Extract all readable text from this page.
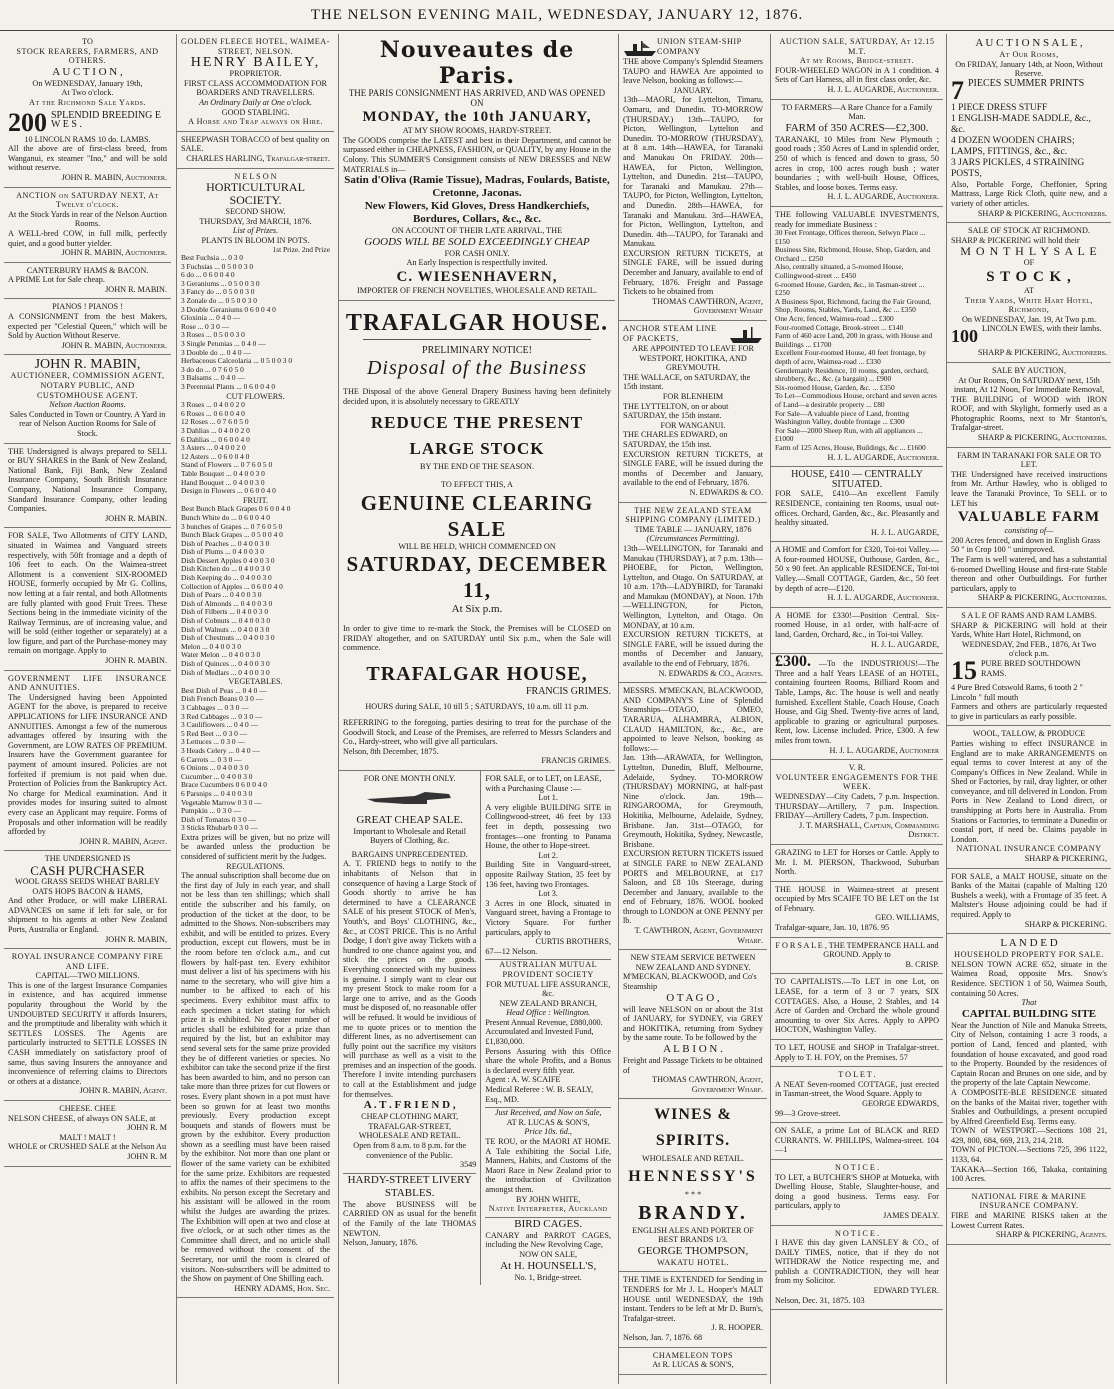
THE NELSON EVENING MAIL, WEDNESDAY, JANUARY 12, 1876.
TO
STOCK REARERS, FARMERS, AND OTHERS.
A U C T I O N ,
On WEDNESDAY, January 19th,
At Two o'clock.
At the Richmond Sale Yards.
200 SPLENDID BREEDING E W E S .
10 LINCOLN RAMS 10 do. LAMBS.
All the above are of first-class breed, from Wanganui, ex steamer "Ino," and will be sold without reserve.
JOHN R. MABIN, Auctioneer.
ANCTION on SATURDAY NEXT, At Twelve o'clock.
At the Stock Yards in rear of the Nelson Auction Rooms.
A WELL-bred COW, in full milk, perfectly quiet, and a good butter yielder.
JOHN R. MABIN, Auctioneer.
CANTERBURY HAMS & BACON.
A PRIME Lot for Sale cheap.
JOHN R. MABIN.
PIANOS ! PIANOS !
A CONSIGNMENT from the best Makers, expected per "Celestial Queen," which will be Sold by Auction Without Reserve.
JOHN R. MABIN, Auctioneer.
JOHN R. MABIN,
AUCTIONEER, COMMISSION AGENT, NOTARY PUBLIC, AND CUSTOMHOUSE AGENT.
Nelson Auction Rooms.
Sales Conducted in Town or Country. A Yard in rear of Nelson Auction Rooms for Sale of Stock.
THE Undersigned is always prepared to SELL or BUY SHARES in the Bank of New Zealand, National Bank, Fiji Bank, New Zealand Insurance Company, South British Insurance Company, National Insurance Company, Standard Insurance Company, other leading Companies.
JOHN R. MABIN.
FOR SALE, Two Allotments of CITY LAND, situated in Waimea and Vanguard streets respectively, with 50ft frontage and a depth of 106 feet to each. On the Waimea-street Allotment is a convenient SIX-ROOMED HOUSE, formerly occupied by Mr G. Collins, now letting at a fair rental, and both Allotments are fully planted with good Fruit Trees. These Sections being in the immediate vicinity of the Railway Terminus, are of increasing value, and will be sold (either together or separately) at a low figure, and part of the Purchase-money may remain on mortgage. Apply to
JOHN R. MABIN.
GOVERNMENT LIFE INSURANCE AND ANNUITIES.
The Undersigned having been Appointed AGENT for the above, is prepared to receive APPLICATIONS for LIFE INSURANCE AND ANNUITIES. Amongst a few of the numerous advantages offered by insuring with the Government, are LOW RATES OF PREMIUM. Insurers have the Government guarantee for payment of amount insured. Policies are not forfeited if premium is not paid when due. Protection of Policies from the Bankruptcy Act. No charge for Medical examination. And it provides modes for insuring suited to almost every case an Applicant may require. Forms of Proposals and other information will be readily afforded by
JOHN R. MABIN, Agent.
THE UNDERSIGNED IS
CASH PURCHASER
WOOL GRASS SEEDS WHEAT BARLEY OATS HOPS BACON & HAMS,
And other Produce, or will make LIBERAL ADVANCES on same if left for sale, or for shipment to his agents at other New Zealand Ports, Australia or England.
JOHN R. MABIN,
ROYAL INSURANCE COMPANY FIRE AND LIFE.
CAPITAL—TWO MILLIONS.
This is one of the largest Insurance Companies in existence, and has acquired immense popularity throughout the World by the UNDOUBTED SECURITY it affords Insurers, and the promptitude and liberality with which it SETTLES LOSSES. The Agents are particularly instructed to SETTLE LOSSES IN CASH immediately on satisfactory proof of same, thus saving Insurers the annoyance and inconvenience of referring claims to Directors or others at a distance.
JOHN R. MABIN, Agent.
CHEESE. CHEE
NELSON CHEESE, of always ON SALE, at
JOHN R. M
MALT ! MALT !
WHOLE or CRUSHED SALE at the Nelson Au
JOHN R. M
GOLDEN FLEECE HOTEL, WAIMEA-STREET, NELSON.
HENRY BAILEY,
PROPRIETOR.
FIRST CLASS ACCOMMODATION FOR BOARDERS AND TRAVELLERS.
An Ordinary Daily at One o'clock.
GOOD STABLING.
A Horse and Trap always on Hire.
SHEEPWASH TOBACCO of best quality on SALE.
CHARLES HARLING, Trafalgar-street.
N E L S O N
HORTICULTURAL SOCIETY.
SECOND SHOW.
THURSDAY, 3rd MARCH, 1876.
List of Prizes.
PLANTS IN BLOOM IN POTS.
1st Prize. 2nd Prize
Best Fuchsia ... 0 3 0
3 Fuchsias ... 0 5 0 0 3 0
6 do ... 0 6 0 0 4 0
3 Geraniums ... 0 5 0 0 3 0
3 Fancy do ... 0 5 0 0 3 0
3 Zonale do ... 0 5 0 0 3 0
3 Double Geraniums 0 6 0 0 4 0
Gloxinia ... 0 4 0 —
Rose ... 0 3 0 —
3 Roses ... 0 5 0 0 3 0
3 Single Petunias ... 0 4 0 —
3 Double do ... 0 4 0 —
Herbaceous Calceolaria ... 0 5 0 0 3 0
3 do do ... 0 7 6 0 5 0
3 Balsams ... 0 4 0 —
3 Perennial Plants ... 0 6 0 0 4 0
CUT FLOWERS.
3 Roses ... 0 4 0 0 2 0
6 Roses ... 0 6 0 0 4 0
12 Roses ... 0 7 6 0 5 0
3 Dahlias ... 0 4 0 0 2 0
6 Dahlias ... 0 6 0 0 4 0
3 Asters ... 0 4 0 0 2 0
12 Asters ... 0 6 0 0 4 0
Stand of Flowers ... 0 7 6 0 5 0
Table Bouquet ... 0 4 0 0 3 0
Hand Bouquet ... 0 4 0 0 3 0
Design in Flowers ... 0 6 0 0 4 0
FRUIT.
Best Bunch Black Grapes 0 6 0 0 4 0
Bunch White do ... 0 6 0 0 4 0
3 bunches of Grapes ... 0 7 6 0 5 0
Bunch Black Grapes ... 0 5 0 0 4 0
Dish of Peaches ... 0 4 0 0 3 0
Dish of Plums ... 0 4 0 0 3 0
Dish Dessert Apples 0 4 0 0 3 0
Dish Kitchen do ... 0 4 0 0 3 0
Dish Keeping do ... 0 4 0 0 3 0
Collection of Apples ... 0 6 0 0 4 0
Dish of Pears ... 0 4 0 0 3 0
Dish of Almonds ... 0 4 0 0 3 0
Dish of Filberts ... 0 4 0 0 3 0
Dish of Cobnuts ... 0 4 0 0 3 0
Dish of Walnuts ... 0 4 0 0 3 0
Dish of Chestnuts ... 0 4 0 0 3 0
Melon ... 0 4 0 0 3 0
Water Melon ... 0 4 0 0 3 0
Dish of Quinces ... 0 4 0 0 3 0
Dish of Medlars ... 0 4 0 0 3 0
VEGETABLES.
Best Dish of Peas ... 0 4 0 —
Dish French Beans 0 3 0 —
3 Cabbages ... 0 3 0 —
3 Red Cabbages ... 0 3 0 —
3 Cauliflowers ... 0 4 0 —
5 Red Beet ... 0 3 0 —
3 Lettuces ... 0 3 0 —
3 Heads Celery ... 0 4 0 —
6 Carrots ... 0 3 0 —
6 Onions ... 0 4 0 0 3 0
Cucumber ... 0 4 0 0 3 0
Brace Cucumbers 0 6 0 0 4 0
6 Parsnips ... 0 4 0 0 3 0
Vegetable Marrow 0 3 0 —
Pumpkin ... 0 3 0 —
Dish of Tomatos 0 3 0 —
3 Sticks Rhubarb 0 3 0 —
Extra prizes will be given, but no prize will be awarded unless the production be considered of sufficient merit by the Judges.
REGULATIONS.
The annual subscription shall become due on the first day of July in each year, and shall not be less than ten shillings; which shall entitle the subscriber and his family, on production of the ticket at the door, to be admitted to the Shows. Non-subscribers may exhibit, and will be entitled to prizes. Every production, except cut flowers, must be in the room before ten o'clock a.m., and cut flowers by half-past ten. Every exhibitor must deliver a list of his specimens with his name to the secretary, who will give him a number to be affixed to each of his specimens. Every exhibitor must affix to each specimen a ticket stating for which prize it is exhibited. No greater number of articles shall be exhibited for a prize than required by the list, but an exhibitor may send several sets for the same prize provided they be of different varieties or species. No exhibitor can take the second prize if the first has been awarded to him, and no person can take more than three prizes for cut flowers or roses. Every plant shown in a pot must have been so grown for at least two months previously. Every production except bouquets and stands of flowers must be grown by the exhibitor. Every production shown as a seedling must have been raised by the exhibitor. Not more than one plant or flower of the same variety can be exhibited for the same prize. Exhibitors are requested to affix the names of their specimens to the exhibits. No person except the Secretary and his assistant will be allowed in the room whilst the Judges are awarding the prizes. The Exhibition will open at two and close at five o'clock, or at such other times as the Committee shall direct, and no article shall be removed without the consent of the Secretary, nor until the room is cleared of visitors. Non-subscribers will be admitted to the Show on payment of One Shilling each.
HENRY ADAMS, Hon. Sec.
Nouveautes de Paris.
THE PARIS CONSIGNMENT HAS ARRIVED, AND WAS OPENED ON
MONDAY, the 10th JANUARY,
AT MY SHOW ROOMS, HARDY-STREET.
The GOODS comprise the LATEST and best in their Department, and cannot be surpassed either in CHEAPNESS, FASHION, or QUALITY, by any House in the Colony. This SUMMER'S Consignment consists of NEW DRESSES and NEW MATERIALS in—
Satin d'Oliva (Ramie Tissue), Madras, Foulards, Batiste, Cretonne, Jaconas.
New Flowers, Kid Gloves, Dress Handkerchiefs, Bordures, Collars, &c., &c.
ON ACCOUNT OF THEIR LATE ARRIVAL, THE
GOODS WILL BE SOLD EXCEEDINGLY CHEAP
FOR CASH ONLY.
An Early Inspection is respectfully invited.
C. WIESENHAVERN,
IMPORTER OF FRENCH NOVELTIES, WHOLESALE AND RETAIL.
TRAFALGAR HOUSE.
PRELIMINARY NOTICE!
Disposal of the Business
THE Disposal of the above General Drapery Business having been definitely decided upon, it is absolutely necessary to GREATLY
REDUCE THE PRESENT LARGE STOCK
BY THE END OF THE SEASON.
TO EFFECT THIS, A
GENUINE CLEARING SALE
WILL BE HELD, WHICH COMMENCED ON
SATURDAY, DECEMBER 11,
At Six p.m.
In order to give time to re-mark the Stock, the Premises will be CLOSED on FRIDAY altogether, and on SATURDAY until Six p.m., when the Sale will commence.
TRAFALGAR HOUSE,
FRANCIS GRIMES.
HOURS during SALE, 10 till 5 ; SATURDAYS, 10 a.m. till 11 p.m.
REFERRING to the foregoing, parties desiring to treat for the purchase of the Goodwill Stock, and Lease of the Premises, are referred to Messrs Sclanders and Co., Hardy-street, who will give all particulars.
Nelson, 8th December, 1875.
FRANCIS GRIMES.
FOR ONE MONTH ONLY.
GREAT CHEAP SALE.
Important to Wholesale and Retail Buyers of Clothing, &c.
BARGAINS UNPRECEDENTED.
A. T. FRIEND begs to notify to the inhabitants of Nelson that in consequence of having a Large Stock of Goods shortly to arrive he has determined to have a CLEARANCE SALE of his present STOCK of Men's, Youth's, and Boys' CLOTHING, &c., &c., at COST PRICE. This is no Artful Dodge, I don't give away Tickets with a hundred to one chance against you, and stick the prices on the goods. Everything connected with my business is genuine. I simply want to clear out my present Stock to make room for a large one to arrive, and as the Goods must be disposed of, no reasonable offer will be refused. It would be invidious of me to quote prices or to mention the different lines, as no advertisement can fully point out the sacrifice my visitors will purchase as well as a visit to the premises and an inspection of the goods. Therefore I invite intending purchasers to call at the Establishment and judge for themselves.
A . T . F R I E N D ,
CHEAP CLOTHING MART, TRAFALGAR-STREET, WHOLESALE AND RETAIL.
Open from 8 a.m. to 8 p.m. for the convenience of the Public.
3549
HARDY-STREET LIVERY STABLES.
The above BUSINESS will be CARRIED ON as usual for the benefit of the Family of the late THOMAS NEWTON.
Nelson, January, 1876.
FOR SALE, or to LET, on LEASE, with a Purchasing Clause :—
Lot 1.
A very eligible BUILDING SITE in Collingwood-street, 46 feet by 133 feet in depth, possessing two frontages—one fronting to Panama House, the other to Hope-street.
Lot 2.
Building Site in Vanguard-street, opposite Railway Station, 35 feet by 136 feet, having two Frontages.
Lot 3.
3 Acres in one Block, situated in Vanguard street, having a Frontage to Victory Square. For further particulars, apply to
CURTIS BROTHERS,
67—12 Nelson.
AUSTRALIAN MUTUAL PROVIDENT SOCIETY
FOR MUTUAL LIFE ASSURANCE, &c.
NEW ZEALAND BRANCH,
Head Office : Wellington.
Present Annual Revenue, £880,000.
Accumulated and Invested Fund, £1,830,000.
Persons Assuring with this Office share the whole Profits, and a Bonus is declared every fifth year.
Agent : A. W. SCAIFE
Medical Referee : W. B. SEALY, Esq., MD.
Just Received, and Now on Sale,
AT R. LUCAS & SON'S,
Price 10s. 6d.,
TE ROU, or the MAORI AT HOME. A Tale exhibiting the Social Life, Manners, Habits, and Customs of the Maori Race in New Zealand prior to the introduction of Civilization amongst them.
BY JOHN WHITE,
Native Interpreter, Auckland
BIRD CAGES.
CANARY and PARROT CAGES, including the New Revolving Cage,
NOW ON SALE,
At H. HOUNSELL'S,
No. 1, Bridge-street.
UNION STEAM-SHIP COMPANY
THE above Company's Splendid Steamers TAUPO and HAWEA Are appointed to leave Nelson, booking as follows:—
JANUARY.
13th—MAORI, for Lyttelton, Timaru, Oamaru, and Dunedin. TO-MORROW (THURSDAY.) 13th—TAUPO, for Picton, Wellington, Lyttelton and Dunedin. TO-MORROW (THURSDAY), at 8 a.m. 14th—HAWEA, for Taranaki and Manukau On FRIDAY. 20th—HAWEA, for Picton, Wellington, Lyttelton, and Dunedin. 21st—TAUPO, for Taranaki and Manukau. 27th—TAUPO, for Picton, Wellington, Lyttelton, and Dunedin. 28th—HAWEA, for Taranaki and Manukau. 3rd—HAWEA, for Picton, Wellington, Lyttelton, and Dunedin. 4th—TAUPO, for Taranaki and Manukau.
EXCURSION RETURN TICKETS, at SINGLE FARE, will be issued during December and January, available to end of February, 1876. Freight and Passage Tickets to be obtained from
THOMAS CAWTHRON, Agent, Government Wharf
ANCHOR STEAM LINE OF PACKETS,
ARE APPOINTED TO LEAVE FOR WESTPORT, HOKITIKA, AND GREYMOUTH.
THE WALLACE, on SATURDAY, the 15th instant.
FOR BLENHEIM
THE LYTTELTON, on or about SATURDAY, the 15th instant.
FOR WANGANUI.
THE CHARLES EDWARD, on SATURDAY, the 15th inst.
EXCURSION RETURN TICKETS, at SINGLE FARE, will be issued during the months of December and January, available to the end of February, 1876.
N. EDWARDS & CO.
THE NEW ZEALAND STEAM SHIPPING COMPANY (LIMITED.)
TIME TABLE — JANUARY, 1876
(Circumstances Permitting).
13th—WELLINGTON, for Taranaki and Manukau (THURSDAY), at 7 p.m. 13th—PHOEBE, for Picton, Wellington, Lyttelton, and Otago. On SATURDAY, at 10 a.m. 17th—LADYBIRD, for Taranaki and Manukau (MONDAY), at Noon. 17th—WELLINGTON, for Picton, Wellington, Lyttelton, and Otago. On MONDAY, at 10 a.m.
EXCURSION RETURN TICKETS, at SINGLE FARE, will be issued during the months of December and January, available to the end of February, 1876.
N. EDWARDS & CO., Agents.
MESSRS. M'MECKAN, BLACKWOOD, AND COMPANY'S Line of Splendid Steamships—OTAGO, OMEO, TARARUA, ALHAMBRA, ALBION, CLAUD HAMILTON, &c., &c., are appointed to leave Nelson, booking as follows:—
Jan. 13th—ARAWATA, for Wellington, Lyttelton, Dunedin, Bluff, Melbourne, Adelaide, Sydney. TO-MORROW (THURSDAY) MORNING, at half-past Nine o'clock. Jan. 19th—RINGAROOMA, for Greymouth, Hokitika, Melbourne, Adelaide, Sydney, Brisbane. Jan. 31st—OTAGO, for Greymouth, Hokitika, Sydney, Newcastle, Brisbane.
EXCURSION RETURN TICKETS issued at SINGLE FARE to NEW ZEALAND PORTS and MELBOURNE, at £17 Saloon, and £8 10s Steerage, during December and January, available to the end of February, 1876. WOOL booked through to LONDON at ONE PENNY per lb.
T. CAWTHRON, Agent, Government Wharf.
NEW STEAM SERVICE BETWEEN NEW ZEALAND AND SYDNEY.
M'MECKAN, BLACKWOOD, and Co's Steamship
O T A G O ,
will leave NELSON on or about the 31st of JANUARY, for SYDNEY, via GREY and HOKITIKA, returning from Sydney by the same route. To be followed by the
A L B I O N .
Freight and Passage Tickets to be obtained of
THOMAS CAWTHRON, Agent, Government Wharf.
WINES & SPIRITS.
WHOLESALE AND RETAIL.
HENNESSY'S
* * *
BRANDY.
ENGLISH ALES AND PORTER OF BEST BRANDS 1/3.
GEORGE THOMPSON,
WAKATU HOTEL.
THE TIME is EXTENDED for Sending in TENDERS for Mr J. L. Hooper's MALT HOUSE until WEDNESDAY, the 19th instant. Tenders to be left at Mr D. Burn's, Trafalgar-street.
J. R. HOOPER.
Nelson, Jan. 7, 1876. 68
CHAMELEON TOPS
At R. LUCAS & SON'S,
AUCTION SALE, SATURDAY, At 12.15 M.T.
At my Rooms, Bridge-street.
FOUR-WHEELED WAGON in A 1 condition. 4 Sets of Cart Harness, all in first class order, &c.
H. J. L. AUGARDE, Auctioneer.
TO FARMERS—A Rare Chance for a Family Man.
FARM of 350 ACRES—£2,300.
TARANAKI, 10 Miles from New Plymouth ; good roads ; 350 Acres of Land in splendid order, 250 of which is fenced and down to grass, 50 acres in crop, 100 acres rough bush ; water boundaries ; with well-built House, Offices, Stables, and loose boxes. Terms easy.
H. J. L. AUGARDE, Auctioneer.
THE following VALUABLE INVESTMENTS, ready for immediate Business :
30 Feet Frontage, Offices thereon, Selwyn Place ... £150
Business Site, Richmond, House, Shop, Garden, and Orchard ... £250
Also, centrally situated, a 5-roomed House, Collingwood-street ... £450
6-roomed House, Garden, &c., in Tasman-street ... £250
A Business Spot, Richmond, facing the Fair Ground, Shop, Rooms, Stables, Yards, Land, &c ... £350
One Acre, fenced, Waimea-road ... £300
Four-roomed Cottage, Brook-street ... £140
Farm of 460 acre Land, 200 in grass, with House and Buildings ... £1700
Excellent Four-roomed House, 40 feet frontage, by depth of acre, Waimea-road ... £330
Gentlemanly Residence, 10 rooms, garden, orchard, shrubbery, &c., &c. (a bargain) ... £900
Six-roomed House, Garden, &c. ... £350
To Let—Commodious House, orchard and seven acres of Land—a desirable property ... £80
For Sale—A valuable piece of Land, fronting Washington Valley, double frontage ... £300
For Sale—2000 Sheep Run, with all appliances ... £1000
Farm of 125 Acres, House, Buildings, &c ... £1600
H. J. L. AUGARDE, Auctioneer.
HOUSE, £410 — CENTRALLY SITUATED.
FOR SALE, £410—An excellent Family RESIDENCE, containing ten Rooms, usual out-offices. Orchard, Garden, &c., &c. Pleasantly and healthy situated.
H. J. L. AUGARDE,
A HOME and Comfort for £320, Toi-toi Valley.—A four-roomed HOUSE, Outhouse, Garden, &c., 50 x 90 feet. An applicable RESIDENCE, Toi-toi Valley.—Small COTTAGE, Garden, &c., 50 feet by depth of acre—£120.
H. J. L. AUGARDE, Auctioneer.
A HOME for £330!—Position Central. Six-roomed House, in a1 order, with half-acre of land, Garden, Orchard, &c., in Toi-toi Valley.
H. J. L. AUGARDE,
£300. —To the INDUSTRIOUS!—The Three and a half Years LEASE of an HOTEL, containing fourteen Rooms, Billiard Room and Table, Lamps, &c. The house is well and neatly furnished. Excellent Stable, Coach House, Coach House, and Gig Shed. Twenty-five acres of land, applicable to grazing or agricultural purposes. Rent, low. License included. Price, £300. A few miles from town.
H. J. L. AUGARDE, Auctioneer
V. R.
VOLUNTEER ENGAGEMENTS FOR THE WEEK.
WEDNESDAY—City Cadets, 7 p.m. Inspection. THURSDAY—Artillery, 7 p.m. Inspection. FRIDAY—Artillery Cadets, 7 p.m. Inspection.
J. T. MARSHALL, Captain, Commanding District.
GRAZING to LET for Horses or Cattle. Apply to Mr. I. M. PIERSON, Thackwood, Suburban North.
THE HOUSE in Waimea-street at present occupied by Mrs SCAIFE TO BE LET on the 1st of February.
GEO. WILLIAMS,
Trafalgar-square, Jan. 10, 1876. 95
F O R S A L E , THE TEMPERANCE HALL and GROUND. Apply to
B. CRISP.
TO CAPITALISTS.—To LET in one Lot, on LEASE, for a term of 3 or 7 years, SIX COTTAGES. Also, a House, 2 Stables, and 14 Acre of Garden and Orchard the whole ground amounting to over Six Acres. Apply to APPO HOCTON, Washington Valley.
TO LET, HOUSE and SHOP in Trafalgar-street. Apply to T. H. FOY, on the Premises. 57
T O L E T .
A NEAT Seven-roomed COTTAGE, just erected in Tasman-street, the Wood Square. Apply to
GEORGE EDWARDS,
99—3 Grove-street.
ON SALE, a prime Lot of BLACK and RED CURRANTS. W. PHILLIPS, Walmea-street. 104—1
N O T I C E .
TO LET, a BUTCHER'S SHOP at Motueka, with Dwelling House, Stable, Slaughter-house, and doing a good business. Terms easy. For particulars, apply to
JAMES DEALY.
N O T I C E .
I HAVE this day given LANSLEY & CO., of DAILY TIMES, notice, that if they do not WITHDRAW the Notice respecting me, and publish a CONTRADICTION, they will hear from my Solicitor.
EDWARD TYLER.
Nelson, Dec. 31, 1875. 103
A U C T I O N S A L E ,
At Our Rooms,
On FRIDAY, January 14th, at Noon, Without Reserve.
7 PIECES SUMMER PRINTS
1 PIECE DRESS STUFF
1 ENGLISH-MADE SADDLE, &c., &c.
4 DOZEN WOODEN CHAIRS; LAMPS, FITTINGS, &c., &c.
3 JARS PICKLES, 4 STRAINING POSTS,
Also, Portable Forge, Cheffonier, Spring Mattrass, Large Rick Cloth, quite new, and a variety of other articles.
SHARP & PICKERING, Auctioneers.
SALE OF STOCK AT RICHMOND.
SHARP & PICKERING will hold their
M O N T H L Y S A L E
OF
S T O C K ,
AT
Their Yards, White Hart Hotel, Richmond,
On WEDNESDAY, Jan. 19, At Two p.m.
100 LINCOLN EWES, with their lambs.
SHARP & PICKERING, Auctioneers.
SALE BY AUCTION,
At Our Rooms, On SATURDAY next, 15th instant, At 12 Noon, For Immediate Removal,
THE BUILDING of WOOD with IRON ROOF, and with Skylight, formerly used as a Photographic Rooms, next to Mr Stanton's, Trafalgar-street.
SHARP & PICKERING, Auctioneers.
FARM IN TARANAKI FOR SALE OR TO LET.
THE Undersigned have received instructions from Mr. Arthur Hawley, who is obliged to leave the Taranaki Province, To SELL or to LET his
VALUABLE FARM
consisting of—
200 Acres fenced, and down in English Grass 50 " in Crop 100 " unimproved.
The Farm is well watered, and has a substantial 6-roomed Dwelling House and first-rate Stable thereon and other Outbuildings. For further particulars, apply to
SHARP & PICKERING, Auctioneers.
S A L E OF RAMS AND RAM LAMBS.
SHARP & PICKERING will hold at their Yards, White Hart Hotel, Richmond, on
WEDNESDAY, 2nd FEB., 1876, At Two o'clock p.m.
15 PURE BRED SOUTHDOWN RAMS.
4 Pure Bred Cotswold Rams, 6 tooth 2 " Lincoln " full mouth
Farmers and others are particularly requested to give in particulars as early possible.
WOOL, TALLOW, & PRODUCE
Parties wishing to effect INSURANCE in England are to make ARRANGEMENTS on equal terms to cover Interest at any of the Company's Offices in New Zealand. While in Shed or Factories, by rail, dray lighter, or other conveyance, and till delivered in London. From Ports in New Zealand to Lond direct, or transhipping at Ports here in Australia. From Stations or Factories, to terminate a Dunedin or coastal port, if need be. Claims payable in London.
NATIONAL INSURANCE COMPANY
SHARP & PICKERING,
FOR SALE, a MALT HOUSE, situate on the Banks of the Maitai (capable of Malting 120 Bushels a week), with a Frontage of 35 feet. A Maltster's House adjoining could be had if required. Apply to
SHARP & PICKERING.
L A N D E D
HOUSEHOLD PROPERTY FOR SALE.
NELSON TOWN ACRE 652, situate in the Waimea Road, opposite Mrs. Snow's Residence. SECTION 1 of 50, Waimea South, containing 50 Acres.
That
CAPITAL BUILDING SITE
Near the Junction of Nile and Manuka Streets, City of Nelson, containing 1 acre 3 roods, a portion of Land, fenced and planted, with foundation of house excavated, and good road to the Property. Bounded by the residences of Captain Rocan and Brunes on one side, and by the property of the late Captain Newcome.
A COMPOSITE-BLE RESIDENCE situated on the banks of the Maitai river, together with Stables and Outbuildings, a present occupied by Alfred Greenfield Esq. Terms easy.
TOWN of WESTPORT.—Sections 108 21, 429, 800, 684, 669, 213, 214, 218.
TOWN of PICTON.—Sections 725, 396 1122, 1133, 64.
TAKAKA—Section 166, Takaka, containing 100 Acres.
NATIONAL FIRE & MARINE INSURANCE COMPANY.
FIRE and MARINE RISKS taken at the Lowest Current Rates.
SHARP & PICKERING, Agents.
